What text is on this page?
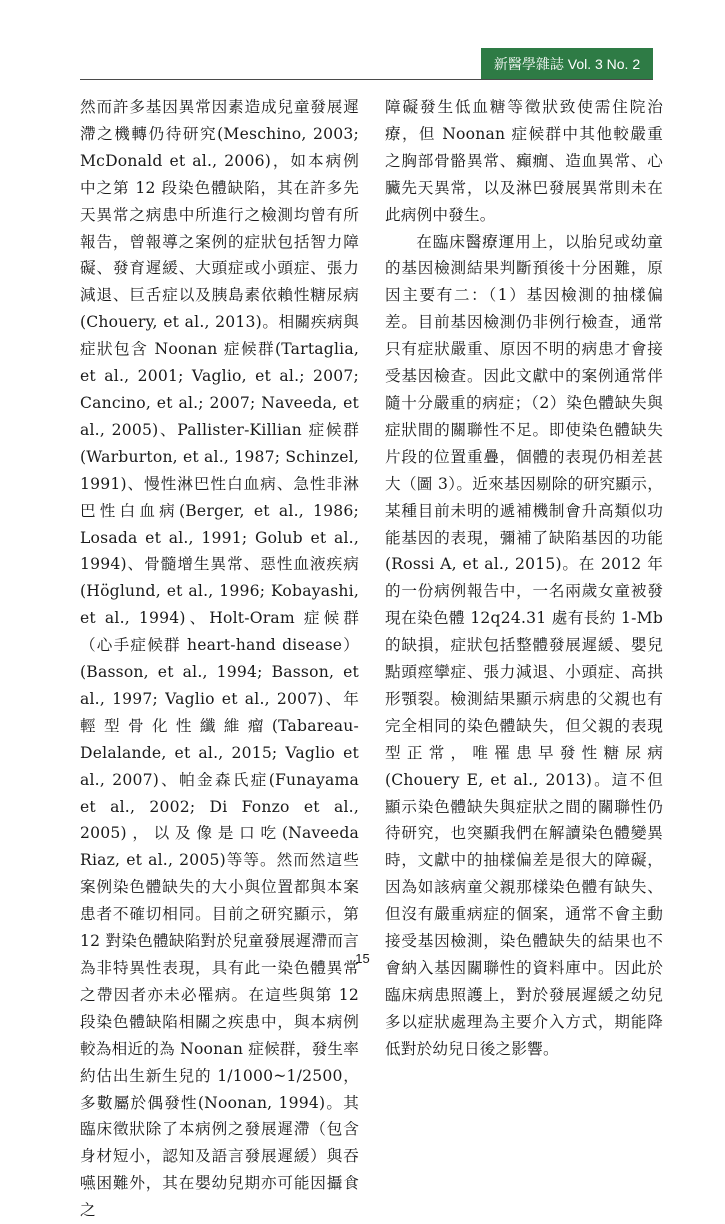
新醫學雜誌 Vol. 3 No. 2

然而許多基因異常因素造成兒童發展遲滯之機轉仍待研究(Meschino, 2003; McDonald et al., 2006)，如本病例中之第 12 段染色體缺陷，其在許多先天異常之病患中所進行之檢測均曾有所報告，曾報導之案例的症狀包括智力障礙、發育遲緩、大頭症或小頭症、張力減退、巨舌症以及胰島素依賴性糖尿病(Chouery, et al., 2013)。相關疾病與症狀包含 Noonan 症候群(Tartaglia, et al., 2001; Vaglio, et al.; 2007; Cancino, et al.; 2007; Naveeda, et al., 2005)、Pallister-Killian 症候群(Warburton, et al., 1987; Schinzel, 1991)、慢性淋巴性白血病、急性非淋巴性白血病(Berger, et al., 1986; Losada et al., 1991; Golub et al., 1994)、骨髓增生異常、惡性血液疾病(Höglund, et al., 1996; Kobayashi, et al., 1994)、Holt-Oram 症候群（心手症候群 heart-hand disease）(Basson, et al., 1994; Basson, et al., 1997; Vaglio et al., 2007)、年輕型骨化性纖維瘤(Tabareau-Delalande, et al., 2015; Vaglio et al., 2007)、帕金森氏症(Funayama et al., 2002; Di Fonzo et al., 2005)，以及像是口吃(Naveeda Riaz, et al., 2005)等等。然而然這些案例染色體缺失的大小與位置都與本案患者不確切相同。目前之研究顯示，第 12 對染色體缺陷對於兒童發展遲滯而言為非特異性表現，具有此一染色體異常之帶因者亦未必罹病。在這些與第 12 段染色體缺陷相關之疾患中，與本病例較為相近的為 Noonan 症候群，發生率約估出生新生兒的 1/1000~1/2500，多數屬於偶發性(Noonan, 1994)。其臨床徵狀除了本病例之發展遲滯（包含身材短小，認知及語言發展遲緩）與吞嚥困難外，其在嬰幼兒期亦可能因攝食之

障礙發生低血糖等徵狀致使需住院治療，但 Noonan 症候群中其他較嚴重之胸部骨骼異常、癲癇、造血異常、心臟先天異常，以及淋巴發展異常則未在此病例中發生。

在臨床醫療運用上，以胎兒或幼童的基因檢測結果判斷預後十分困難，原因主要有二：（1）基因檢測的抽樣偏差。目前基因檢測仍非例行檢查，通常只有症狀嚴重、原因不明的病患才會接受基因檢查。因此文獻中的案例通常伴隨十分嚴重的病症；（2）染色體缺失與症狀間的關聯性不足。即使染色體缺失片段的位置重疊，個體的表現仍相差甚大（圖 3）。近來基因剔除的研究顯示，某種目前未明的遞補機制會升高類似功能基因的表現，彌補了缺陷基因的功能(Rossi A, et al., 2015)。在 2012 年的一份病例報告中，一名兩歲女童被發現在染色體 12q24.31 處有長約 1-Mb 的缺損，症狀包括整體發展遲緩、嬰兒點頭痙攣症、張力減退、小頭症、高拱形顎裂。檢測結果顯示病患的父親也有完全相同的染色體缺失，但父親的表現型正常，唯罹患早發性糖尿病(Chouery E, et al., 2013)。這不但顯示染色體缺失與症狀之間的關聯性仍待研究，也突顯我們在解讀染色體變異時，文獻中的抽樣偏差是很大的障礙，因為如該病童父親那樣染色體有缺失、但沒有嚴重病症的個案，通常不會主動接受基因檢測，染色體缺失的結果也不會納入基因關聯性的資料庫中。因此於臨床病患照護上，對於發展遲緩之幼兒多以症狀處理為主要介入方式，期能降低對於幼兒日後之影響。

15
